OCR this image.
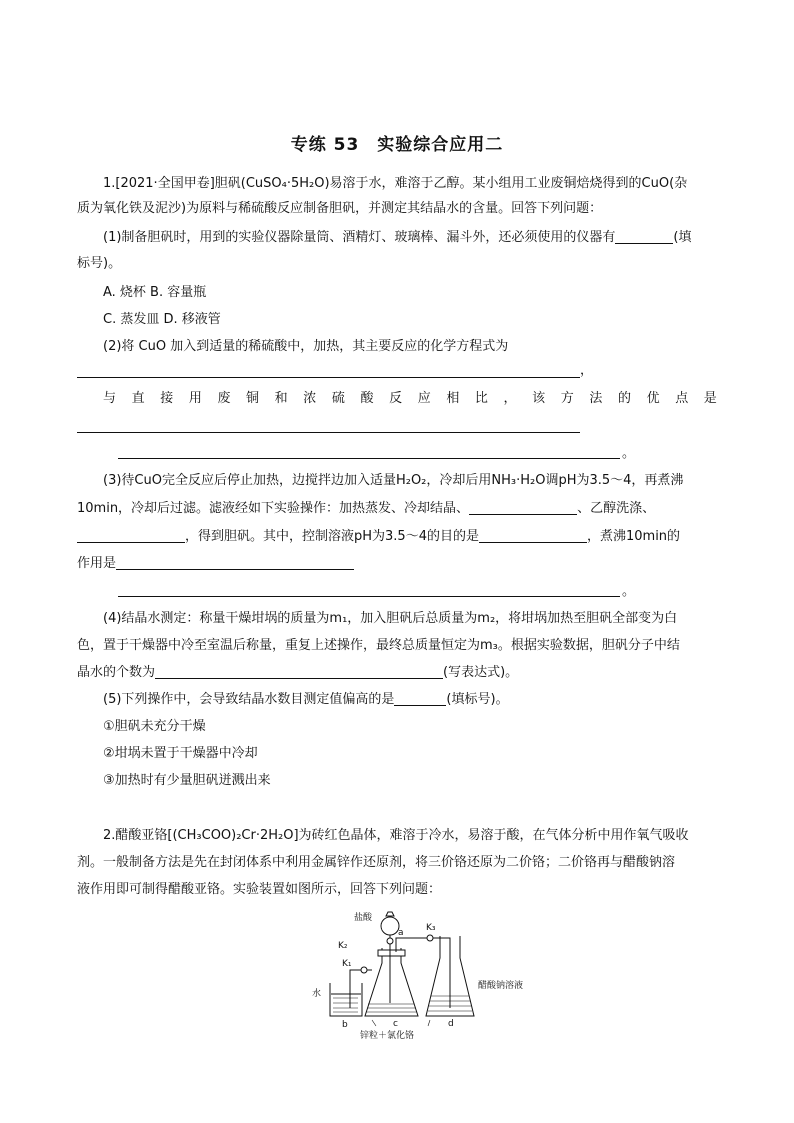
专练 53　实验综合应用二
1.[2021·全国甲卷]胆矾(CuSO₄·5H₂O)易溶于水，难溶于乙醇。某小组用工业废铜焙烧得到的CuO(杂
质为氧化铁及泥沙)为原料与稀硫酸反应制备胆矾，并测定其结晶水的含量。回答下列问题：
(1)制备胆矾时，用到的实验仪器除量筒、酒精灯、玻璃棒、漏斗外，还必须使用的仪器有	(填
标号)。
A. 烧杯 B. 容量瓶
C. 蒸发皿 D. 移液管
(2)将 CuO 加入到适量的稀硫酸中，加热，其主要反应的化学方程式为
，
与 直 接 用 废 铜 和 浓 硫 酸 反 应 相 比 ， 该 方 法 的 优 点 是
。
(3)待CuO完全反应后停止加热，边搅拌边加入适量H₂O₂，冷却后用NH₃·H₂O调pH为3.5～4，再煮沸
10min，冷却后过滤。滤液经如下实验操作：加热蒸发、冷却结晶、	、乙醇洗涤、
，得到胆矾。其中，控制溶液pH为3.5～4的目的是	，煮沸10min的
作用是
。
(4)结晶水测定：称量干燥坩埚的质量为m₁，加入胆矾后总质量为m₂，将坩埚加热至胆矾全部变为白
色，置于干燥器中冷至室温后称量，重复上述操作，最终总质量恒定为m₃。根据实验数据，胆矾分子中结
晶水的个数为	(写表达式)。
(5)下列操作中，会导致结晶水数目测定值偏高的是	(填标号)。
①胆矾未充分干燥
②坩埚未置于干燥器中冷却
③加热时有少量胆矾迸溅出来
2.醋酸亚铬[(CH₃COO)₂Cr·2H₂O]为砖红色晶体，难溶于冷水，易溶于酸，在气体分析中用作氧气吸收
剂。一般制备方法是先在封闭体系中利用金属锌作还原剂，将三价铬还原为二价铬；二价铬再与醋酸钠溶
液作用即可制得醋酸亚铬。实验装置如图所示，回答下列问题：
盐酸
K₂
K₁
K₃
a
水
b	c	d
醋酸钠溶液
锌粒＋氯化铬
